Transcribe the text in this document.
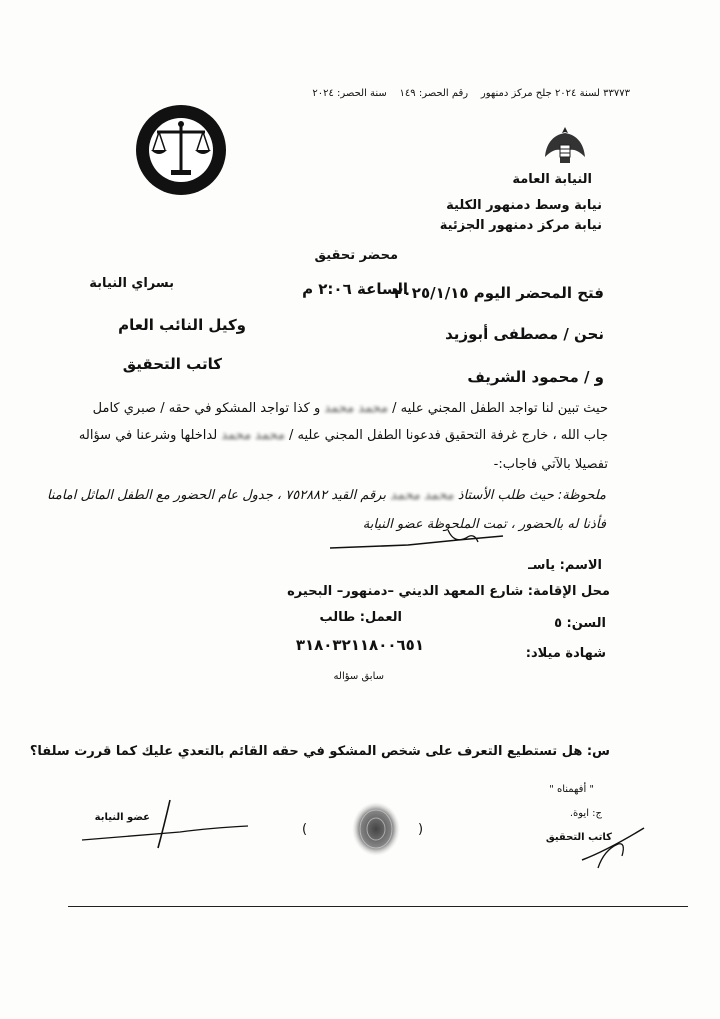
٣٣٧٧٣ لسنة ٢٠٢٤ جلح مركز دمنهور    رقم الحصر: ١٤٩    سنة الحصر: ٢٠٢٤
النيابة العامة
نيابة وسط دمنهور الكلية
نيابة مركز دمنهور الجزئية
محضر تحقيق
فتح المحضر اليوم ٢٠٢٥/١/١٥
الساعة ٢:٠٦ م
بسراي النيابة
نحن / مصطفى أبوزيد
وكيل النائب العام
و / محمود الشريف
كاتب التحقيق
حيث تبين لنا تواجد الطفل المجني عليه / محمد محمد و كذا تواجد المشكو في حقه / صبري كامل
جاب الله ، خارج غرفة التحقيق فدعونا الطفل المجني عليه / محمد محمد لداخلها وشرعنا في سؤاله
تفصيلا بالآتي فاجاب:-
ملحوظة: حيث طلب الأستاذ محمد محمد برقم القيد ٧٥٢٨٨٢ ، جدول عام الحضور مع الطفل الماثل امامنا
فأذنا له بالحضور ، تمت الملحوظة عضو النيابة
الاسم: ياسـ
محل الإقامة: شارع المعهد الديني –دمنهور– البحيره
العمل: طالب	السن: ٥
شهادة ميلاد:
٣١٨٠٣٢١١٨٠٠٦٥١
سابق سؤاله
س: هل تستطيع التعرف على شخص المشكو في حقه القائم بالتعدي عليك كما قررت سلفا؟
" أفهمناه "
ج: ايوة.
عضو النيابة
(	)
كاتب التحقيق
